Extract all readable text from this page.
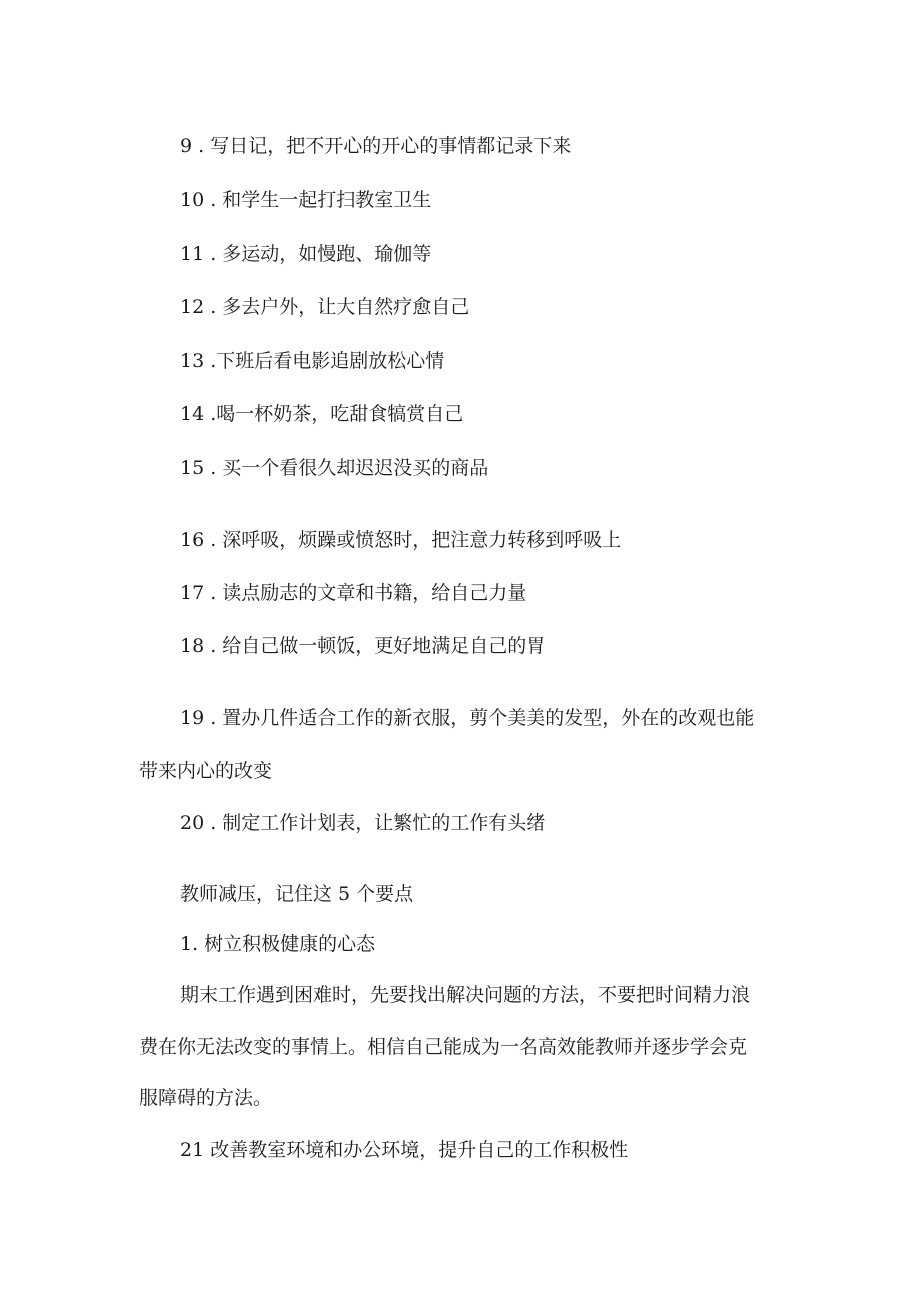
9 . 写日记，把不开心的开心的事情都记录下来
10 . 和学生一起打扫教室卫生
11 . 多运动，如慢跑、瑜伽等
12 . 多去户外，让大自然疗愈自己
13 .下班后看电影追剧放松心情
14 .喝一杯奶茶，吃甜食犒赏自己
15 . 买一个看很久却迟迟没买的商品
16 . 深呼吸，烦躁或愤怒时，把注意力转移到呼吸上
17 . 读点励志的文章和书籍，给自己力量
18 . 给自己做一顿饭，更好地满足自己的胃
19 . 置办几件适合工作的新衣服，剪个美美的发型，外在的改观也能
带来内心的改变
20 . 制定工作计划表，让繁忙的工作有头绪
教师减压，记住这 5 个要点
1. 树立积极健康的心态
期末工作遇到困难时，先要找出解决问题的方法，不要把时间精力浪
费在你无法改变的事情上。相信自己能成为一名高效能教师并逐步学会克
服障碍的方法。
21 改善教室环境和办公环境，提升自己的工作积极性
